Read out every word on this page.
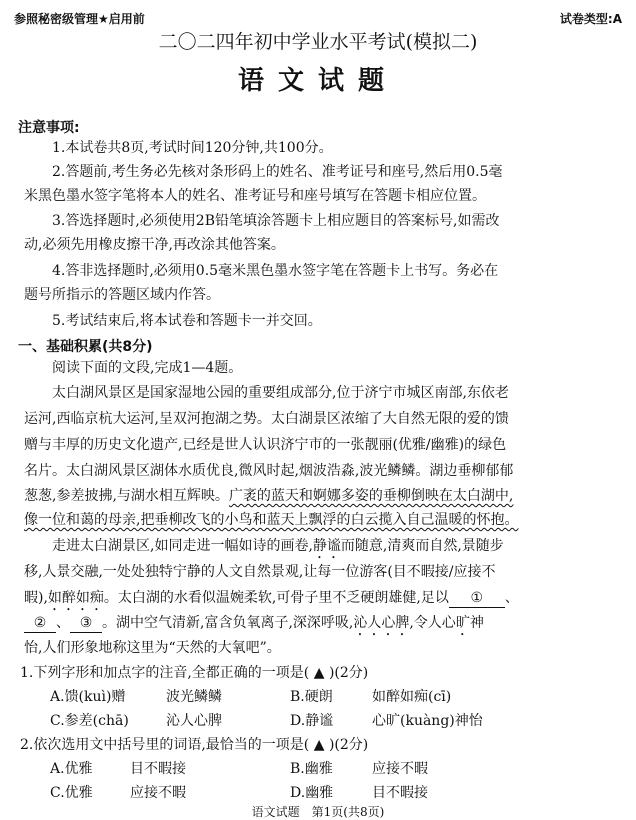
参照秘密级管理★启用前	试卷类型:A
二〇二四年初中学业水平考试(模拟二)
语文试题
注意事项:
1.本试卷共8页,考试时间120分钟,共100分。
2.答题前,考生务必先核对条形码上的姓名、准考证号和座号,然后用0.5毫
米黑色墨水签字笔将本人的姓名、准考证号和座号填写在答题卡相应位置。
3.答选择题时,必须使用2B铅笔填涂答题卡上相应题目的答案标号,如需改
动,必须先用橡皮擦干净,再改涂其他答案。
4.答非选择题时,必须用0.5毫米黑色墨水签字笔在答题卡上书写。务必在
题号所指示的答题区域内作答。
5.考试结束后,将本试卷和答题卡一并交回。
一、基础积累(共8分)
阅读下面的文段,完成1—4题。
太白湖风景区是国家湿地公园的重要组成部分,位于济宁市城区南部,东依老
运河,西临京杭大运河,呈双河抱湖之势。太白湖景区浓缩了大自然无限的爱的馈
赠与丰厚的历史文化遗产,已经是世人认识济宁市的一张靓丽(优雅/幽雅)的绿色
名片。太白湖风景区湖体水质优良,微风时起,烟波浩淼,波光鳞鳞。湖边垂柳郁郁
葱葱,参差披拂,与湖水相互辉映。广袤的蓝天和婀娜多姿的垂柳倒映在太白湖中,
像一位和蔼的母亲,把垂柳改飞的小鸟和蓝天上飘浮的白云揽入自己温暖的怀抱。
走进太白湖景区,如同走进一幅如诗的画卷,静谧而随意,清爽而自然,景随步
移,人景交融,一处处独特宁静的人文自然景观,让每一位游客(目不暇接/应接不
暇),如醉如痴。太白湖的水看似温婉柔软,可骨子里不乏硬朗雄健,足以 ① 、
② 、 ③ 。湖中空气清新,富含负氧离子,深深呼吸,沁人心脾,令人心旷神
怡,人们形象地称这里为“天然的大氧吧”。
1.下列字形和加点字的注音,全都正确的一项是( ▲ )(2分)
A.馈(kuì)赠	波光鳞鳞	B.硬朗	如醉如痴(cī)
C.参差(chā)	沁人心脾	D.静谧	心旷(kuàng)神怡
2.依次选用文中括号里的词语,最恰当的一项是( ▲ )(2分)
A.优雅	目不暇接	B.幽雅	应接不暇
C.优雅	应接不暇	D.幽雅	目不暇接
语文试题　第1页(共8页)
